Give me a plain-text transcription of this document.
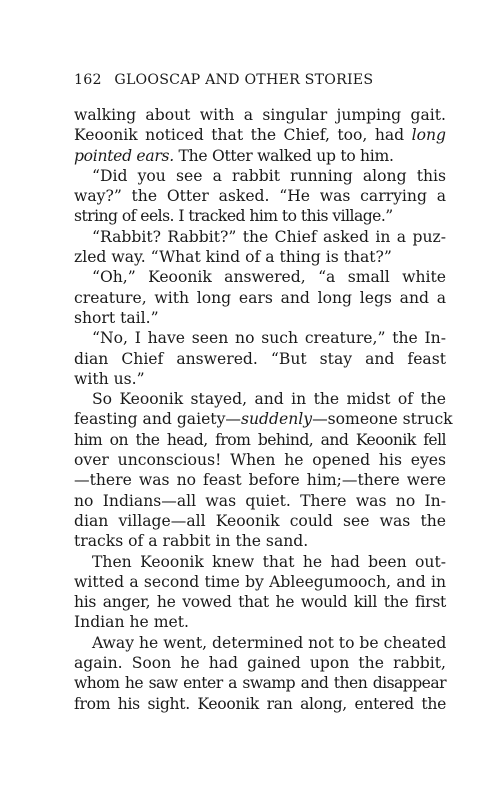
162 GLOOSCAP AND OTHER STORIES
walking about with a singular jumping gait.
Keoonik noticed that the Chief, too, had long
pointed ears. The Otter walked up to him.
“Did you see a rabbit running along this
way?” the Otter asked. “He was carrying a
string of eels. I tracked him to this village.”
“Rabbit? Rabbit?” the Chief asked in a puz-
zled way. “What kind of a thing is that?”
“Oh,” Keoonik answered, “a small white
creature, with long ears and long legs and a
short tail.”
“No, I have seen no such creature,” the In-
dian Chief answered. “But stay and feast
with us.”
So Keoonik stayed, and in the midst of the
feasting and gaiety—suddenly—someone struck
him on the head, from behind, and Keoonik fell
over unconscious! When he opened his eyes
—there was no feast before him;—there were
no Indians—all was quiet. There was no In-
dian village—all Keoonik could see was the
tracks of a rabbit in the sand.
Then Keoonik knew that he had been out-
witted a second time by Ableegumooch, and in
his anger, he vowed that he would kill the first
Indian he met.
Away he went, determined not to be cheated
again. Soon he had gained upon the rabbit,
whom he saw enter a swamp and then disappear
from his sight. Keoonik ran along, entered the
